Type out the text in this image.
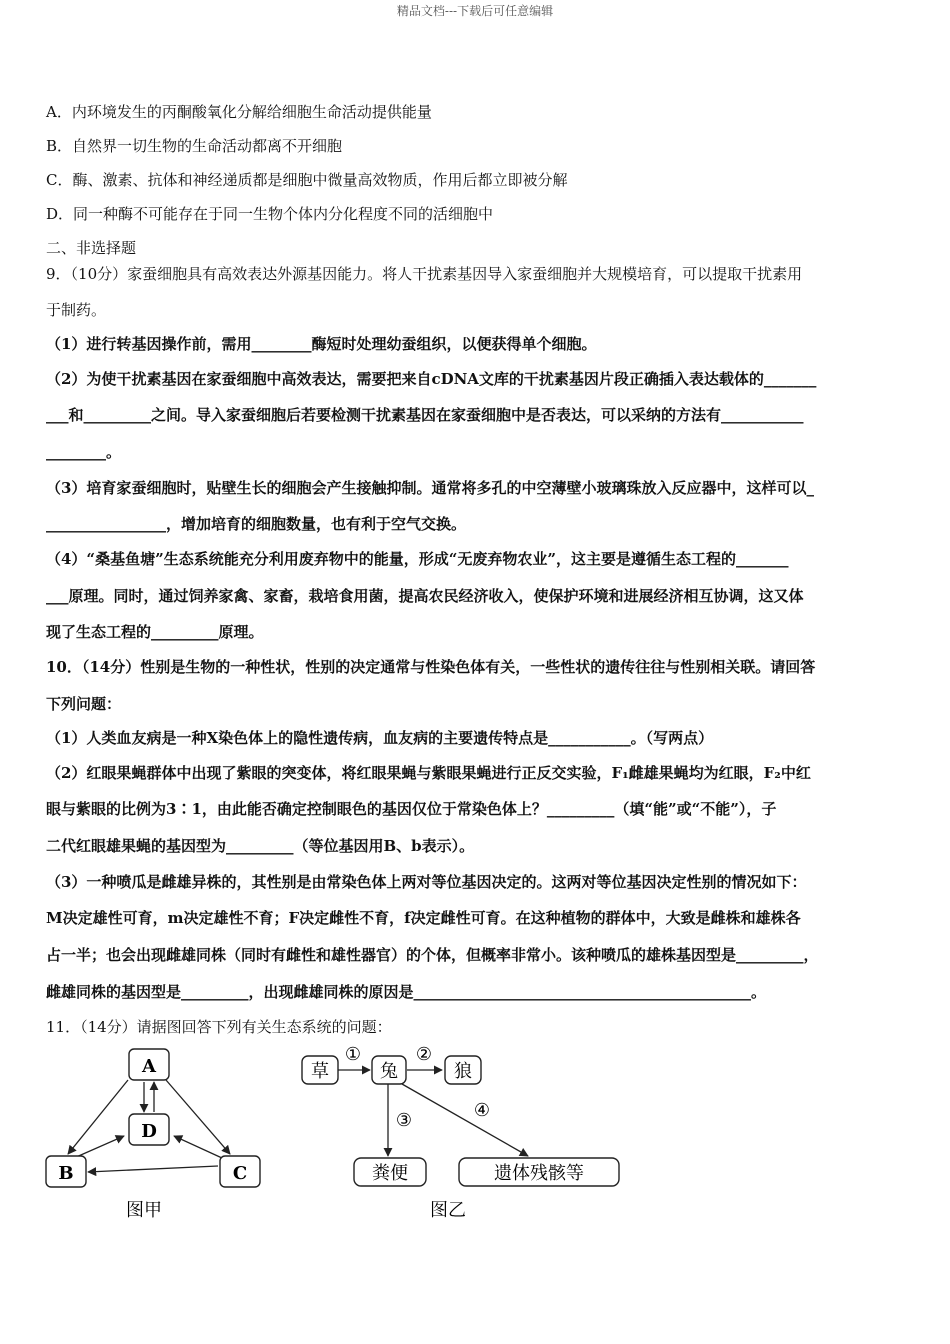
精品文档---下载后可任意编辑
A．内环境发生的丙酮酸氧化分解给细胞生命活动提供能量
B．自然界一切生物的生命活动都离不开细胞
C．酶、激素、抗体和神经递质都是细胞中微量高效物质，作用后都立即被分解
D．同一种酶不可能存在于同一生物个体内分化程度不同的活细胞中
二、非选择题
9．（10分）家蚕细胞具有高效表达外源基因能力。将人干扰素基因导入家蚕细胞并大规模培育，可以提取干扰素用
于制药。
（1）进行转基因操作前，需用________酶短时处理幼蚕组织，以便获得单个细胞。
（2）为使干扰素基因在家蚕细胞中高效表达，需要把来自cDNA文库的干扰素基因片段正确插入表达载体的_______
___和_________之间。导入家蚕细胞后若要检测干扰素基因在家蚕细胞中是否表达，可以采纳的方法有___________
________。
（3）培育家蚕细胞时，贴壁生长的细胞会产生接触抑制。通常将多孔的中空薄壁小玻璃珠放入反应器中，这样可以_
________________，增加培育的细胞数量，也有利于空气交换。
（4）“桑基鱼塘”生态系统能充分利用废弃物中的能量，形成“无废弃物农业”，这主要是遵循生态工程的_______
___原理。同时，通过饲养家禽、家畜，栽培食用菌，提高农民经济收入，使保护环境和进展经济相互协调，这又体
现了生态工程的_________原理。
10．（14分）性别是生物的一种性状，性别的决定通常与性染色体有关，一些性状的遗传往往与性别相关联。请回答
下列问题：
（1）人类血友病是一种X染色体上的隐性遗传病，血友病的主要遗传特点是___________。（写两点）
（2）红眼果蝇群体中出现了紫眼的突变体，将红眼果蝇与紫眼果蝇进行正反交实验，F₁雌雄果蝇均为红眼，F₂中红
眼与紫眼的比例为3∶1，由此能否确定控制眼色的基因仅位于常染色体上？_________（填“能”或“不能”），子
二代红眼雄果蝇的基因型为_________（等位基因用B、b表示）。
（3）一种喷瓜是雌雄异株的，其性别是由常染色体上两对等位基因决定的。这两对等位基因决定性别的情况如下：
M决定雄性可育，m决定雄性不育；F决定雌性不育，f决定雌性可育。在这种植物的群体中，大致是雌株和雄株各
占一半；也会出现雌雄同株（同时有雌性和雄性器官）的个体，但概率非常小。该种喷瓜的雄株基因型是_________，
雌雄同株的基因型是_________，出现雌雄同株的原因是_____________________________________________。
11．（14分）请据图回答下列有关生态系统的问题：
A
D
B	C
图甲
①	②
③	④
草	兔	狼
粪便	遗体残骸等
图乙
